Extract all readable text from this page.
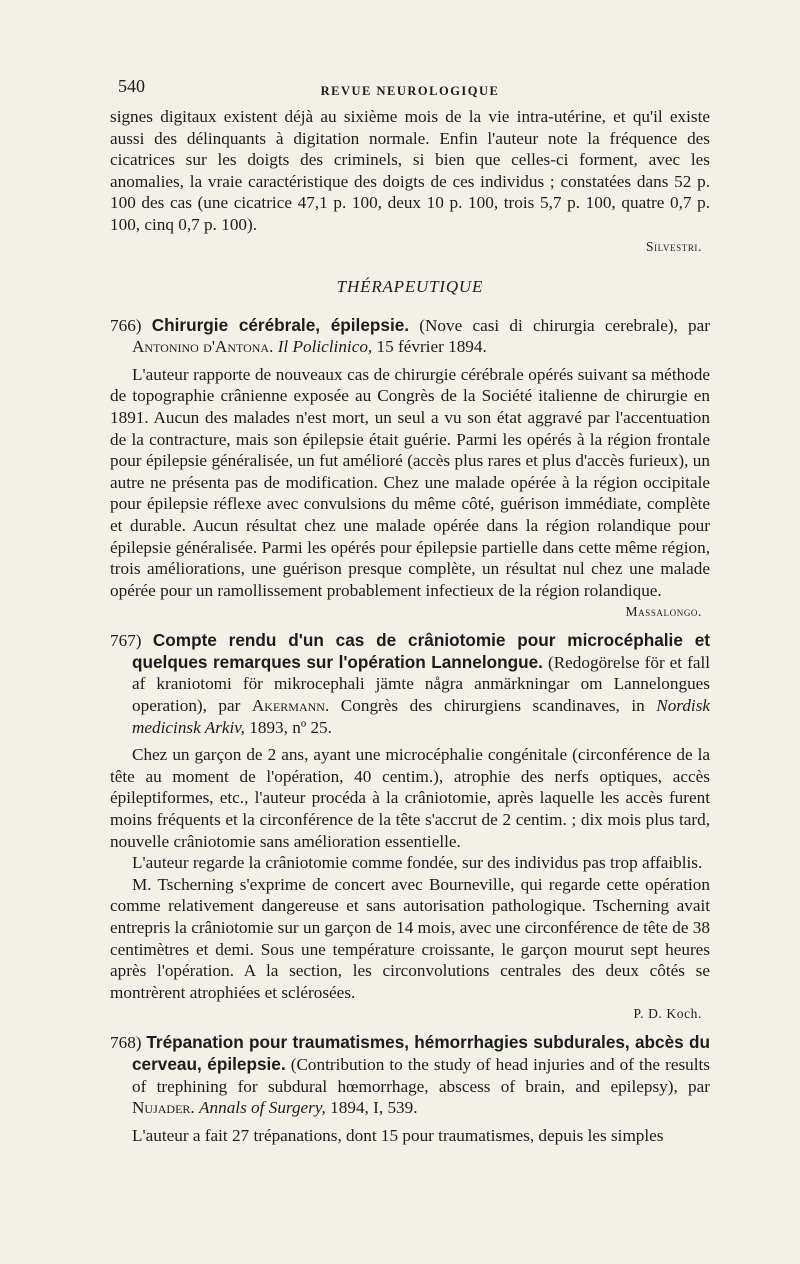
540	REVUE NEUROLOGIQUE

signes digitaux existent déjà au sixième mois de la vie intra-utérine, et qu'il existe aussi des délinquants à digitation normale. Enfin l'auteur note la fréquence des cicatrices sur les doigts des criminels, si bien que celles-ci forment, avec les anomalies, la vraie caractéristique des doigts de ces individus ; constatées dans 52 p. 100 des cas (une cicatrice 47,1 p. 100, deux 10 p. 100, trois 5,7 p. 100, quatre 0,7 p. 100, cinq 0,7 p. 100).

Silvestri.
THÉRAPEUTIQUE

766) Chirurgie cérébrale, épilepsie. (Nove casi di chirurgia cerebrale), par Antonino d'Antona. Il Policlinico, 15 février 1894.

L'auteur rapporte de nouveaux cas de chirurgie cérébrale opérés suivant sa méthode de topographie crânienne exposée au Congrès de la Société italienne de chirurgie en 1891. Aucun des malades n'est mort, un seul a vu son état aggravé par l'accentuation de la contracture, mais son épilepsie était guérie. Parmi les opérés à la région frontale pour épilepsie généralisée, un fut amélioré (accès plus rares et plus d'accès furieux), un autre ne présenta pas de modification. Chez une malade opérée à la région occipitale pour épilepsie réflexe avec convulsions du même côté, guérison immédiate, complète et durable. Aucun résultat chez une malade opérée dans la région rolandique pour épilepsie généralisée. Parmi les opérés pour épilepsie partielle dans cette même région, trois améliorations, une guérison presque complète, un résultat nul chez une malade opérée pour un ramollissement probablement infectieux de la région rolandique.

Massalongo.

767) Compte rendu d'un cas de crâniotomie pour microcéphalie et quelques remarques sur l'opération Lannelongue. (Redogörelse för et fall af kraniotomi för mikrocephali jämte några anmärkningar om Lannelongues operation), par Akermann. Congrès des chirurgiens scandinaves, in Nordisk medicinsk Arkiv, 1893, nº 25.

Chez un garçon de 2 ans, ayant une microcéphalie congénitale (circonférence de la tête au moment de l'opération, 40 centim.), atrophie des nerfs optiques, accès épileptiformes, etc., l'auteur procéda à la crâniotomie, après laquelle les accès furent moins fréquents et la circonférence de la tête s'accrut de 2 centim. ; dix mois plus tard, nouvelle crâniotomie sans amélioration essentielle.

L'auteur regarde la crâniotomie comme fondée, sur des individus pas trop affaiblis.

M. Tscherning s'exprime de concert avec Bourneville, qui regarde cette opération comme relativement dangereuse et sans autorisation pathologique. Tscherning avait entrepris la crâniotomie sur un garçon de 14 mois, avec une circonférence de tête de 38 centimètres et demi. Sous une température croissante, le garçon mourut sept heures après l'opération. A la section, les circonvolutions centrales des deux côtés se montrèrent atrophiées et sclérosées.

P. D. Koch.

768) Trépanation pour traumatismes, hémorrhagies subdurales, abcès du cerveau, épilepsie. (Contribution to the study of head injuries and of the results of trephining for subdural hœmorrhage, abscess of brain, and epilepsy), par Nujader. Annals of Surgery, 1894, I, 539.

L'auteur a fait 27 trépanations, dont 15 pour traumatismes, depuis les simples
